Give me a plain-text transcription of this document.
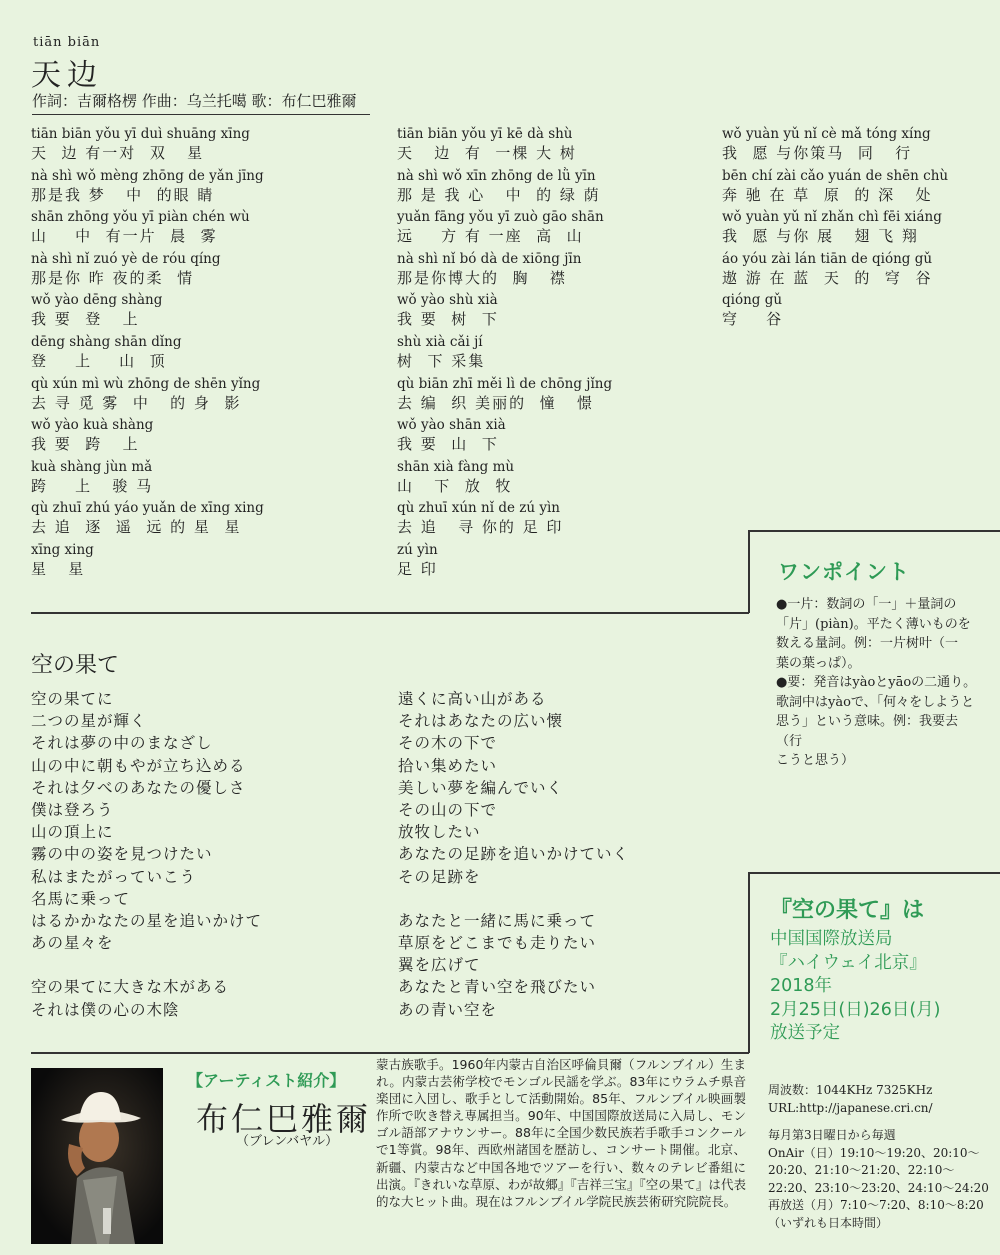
tiān biān
天边
作詞：吉爾格楞 作曲：乌兰托噶 歌：布仁巴雅爾
tiān biān yǒu yī duì shuāng xīng
天  边 有一对  双   星
nà shì wǒ mèng zhōng de yǎn jīng
那是我 梦   中  的眼 睛
shān zhōng yǒu yī piàn chén wù
山    中  有一片  晨  雾
nà shì nǐ zuó yè de róu qíng
那是你 昨 夜的柔  情
wǒ yào dēng shàng
我 要  登   上
dēng shàng shān dǐng
登    上    山  顶
qù xún mì wù zhōng de shēn yǐng
去 寻 觅 雾  中   的 身  影
wǒ yào kuà shàng
我 要  跨   上
kuà shàng jùn mǎ
跨    上   骏 马
qù zhuī zhú yáo yuǎn de xīng xing
去 追  逐  遥  远 的 星  星
xīng xing
星   星
tiān biān yǒu yī kē dà shù
天   边  有  一棵 大 树
nà shì wǒ xīn zhōng de lǜ yīn
那 是 我 心   中  的 绿 荫
yuǎn fāng yǒu yī zuò gāo shān
远    方 有 一座  高  山
nà shì nǐ bó dà de xiōng jīn
那是你博大的  胸   襟
wǒ yào shù xià
我 要  树  下
shù xià cǎi jí
树  下 采集
qù biān zhī měi lì de chōng jǐng
去 编  织 美丽的  憧   憬
wǒ yào shān xià
我 要  山  下
shān xià fàng mù
山   下  放  牧
qù zhuī xún nǐ de zú yìn
去 追   寻 你的 足 印
zú yìn
足 印
wǒ yuàn yǔ nǐ cè mǎ tóng xíng
我  愿 与你策马  同   行
bēn chí zài cǎo yuán de shēn chù
奔 驰 在 草  原  的 深   处
wǒ yuàn yǔ nǐ zhǎn chì fēi xiáng
我  愿 与你 展   翅 飞 翔
áo yóu zài lán tiān de qióng gǔ
遨 游 在 蓝  天  的  穹  谷
qióng gǔ
穹    谷
空の果て
空の果てに
二つの星が輝く
それは夢の中のまなざし
山の中に朝もやが立ち込める
それは夕べのあなたの優しさ
僕は登ろう
山の頂上に
霧の中の姿を見つけたい
私はまたがっていこう
名馬に乗って
はるかかなたの星を追いかけて
あの星々を
空の果てに大きな木がある
それは僕の心の木陰
遠くに高い山がある
それはあなたの広い懐
その木の下で
拾い集めたい
美しい夢を編んでいく
その山の下で
放牧したい
あなたの足跡を追いかけていく
その足跡を
あなたと一緒に馬に乗って
草原をどこまでも走りたい
翼を広げて
あなたと青い空を飛びたい
あの青い空を
ワンポイント
●一片：数詞の「一」＋量詞の
「片」(piàn)。平たく薄いものを
数える量詞。例：一片树叶（一
葉の葉っぱ）。
●要：発音はyàoとyāoの二通り。
歌詞中はyàoで、「何々をしようと
思う」という意味。例：我要去（行
こうと思う）
『空の果て』は
中国国際放送局
『ハイウェイ北京』
2018年
2月25日(日)26日(月)
放送予定
【アーティスト紹介】
布仁巴雅爾
（ブレンバヤル）
蒙古族歌手。1960年内蒙古自治区呼倫貝爾（フルンブイル）生まれ。内蒙古芸術学校でモンゴル民謡を学ぶ。83年にウラムチ県音楽団に入団し、歌手として活動開始。85年、フルンブイル映画製作所で吹き替え専属担当。90年、中国国際放送局に入局し、モンゴル語部アナウンサー。88年に全国少数民族若手歌手コンクールで1等賞。98年、西欧州諸国を歴訪し、コンサート開催。北京、新疆、内蒙古など中国各地でツアーを行い、数々のテレビ番組に出演。『きれいな草原、わが故郷』『吉祥三宝』『空の果て』は代表的な大ヒット曲。現在はフルンブイル学院民族芸術研究院院長。
周波数：1044KHz 7325KHz
URL:http://japanese.cri.cn/
毎月第3日曜日から毎週
OnAir（日）19:10～19:20、20:10～20:20、21:10～21:20、22:10～22:20、23:10～23:20、24:10～24:20
再放送（月）7:10～7:20、8:10～8:20
（いずれも日本時間）
